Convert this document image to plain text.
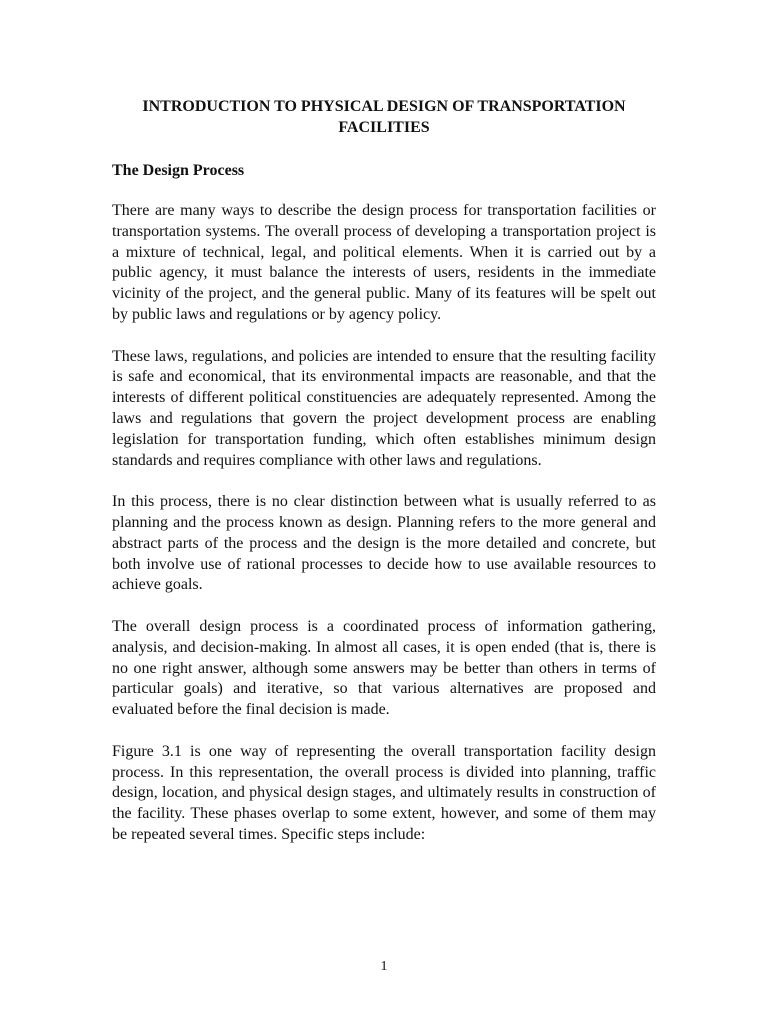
INTRODUCTION TO PHYSICAL DESIGN OF TRANSPORTATION FACILITIES
The Design Process

There are many ways to describe the design process for transportation facilities or transportation systems. The overall process of developing a transportation project is a mixture of technical, legal, and political elements. When it is carried out by a public agency, it must balance the interests of users, residents in the immediate vicinity of the project, and the general public. Many of its features will be spelt out by public laws and regulations or by agency policy.

These laws, regulations, and policies are intended to ensure that the resulting facility is safe and economical, that its environmental impacts are reasonable, and that the interests of different political constituencies are adequately represented. Among the laws and regulations that govern the project development process are enabling legislation for transportation funding, which often establishes minimum design standards and requires compliance with other laws and regulations.

In this process, there is no clear distinction between what is usually referred to as planning and the process known as design. Planning refers to the more general and abstract parts of the process and the design is the more detailed and concrete, but both involve use of rational processes to decide how to use available resources to achieve goals.

The overall design process is a coordinated process of information gathering, analysis, and decision-making. In almost all cases, it is open ended (that is, there is no one right answer, although some answers may be better than others in terms of particular goals) and iterative, so that various alternatives are proposed and evaluated before the final decision is made.

Figure 3.1 is one way of representing the overall transportation facility design process. In this representation, the overall process is divided into planning, traffic design, location, and physical design stages, and ultimately results in construction of the facility. These phases overlap to some extent, however, and some of them may be repeated several times. Specific steps include:

1
